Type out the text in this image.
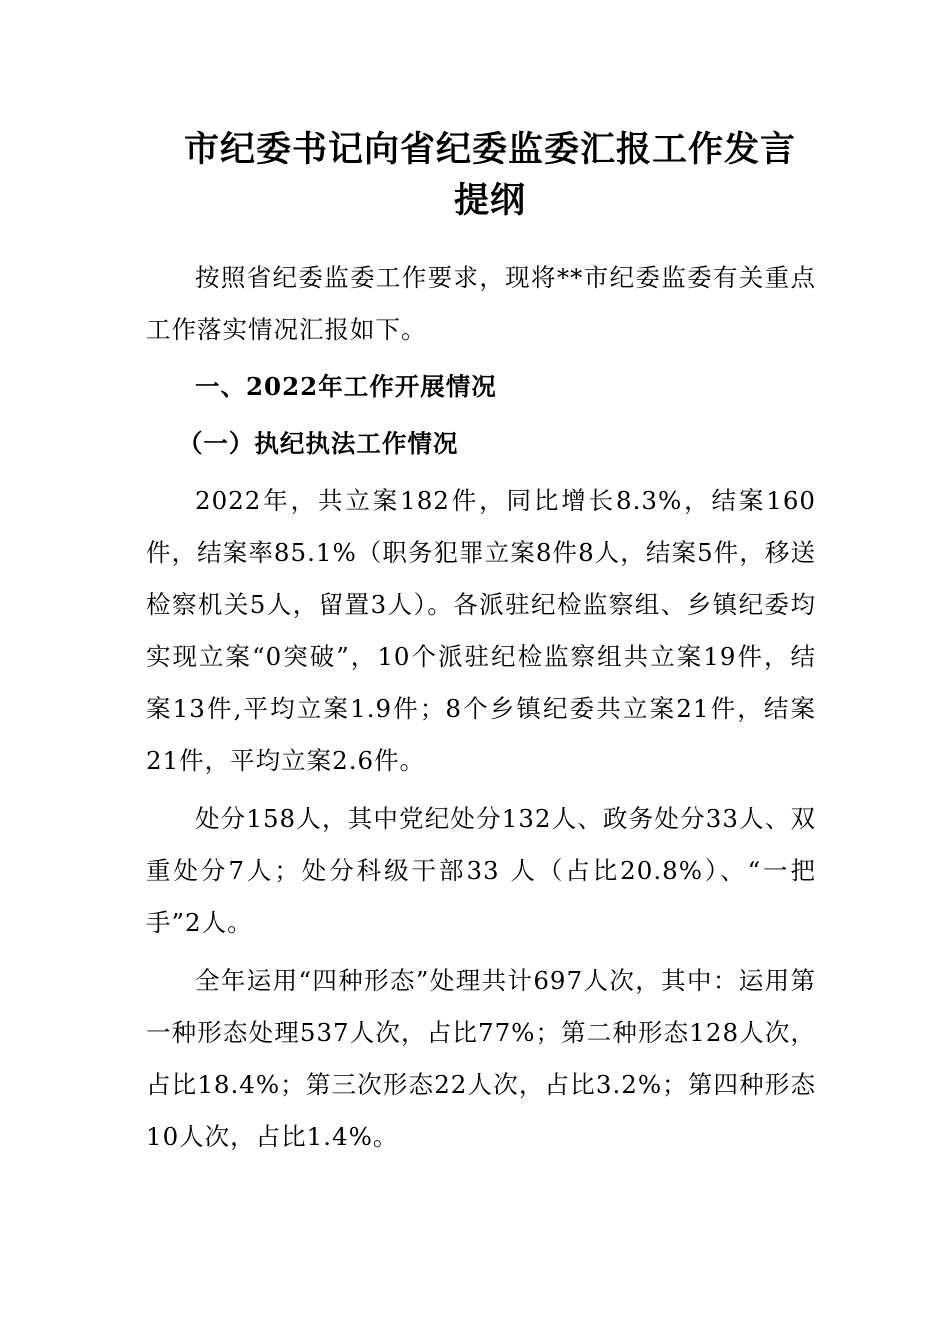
市纪委书记向省纪委监委汇报工作发言
提纲

按照省纪委监委工作要求，现将**市纪委监委有关重点工作落实情况汇报如下。

一、2022年工作开展情况

（一）执纪执法工作情况

2022年，共立案182件，同比增长8.3%，结案160件，结案率85.1%（职务犯罪立案8件8人，结案5件，移送检察机关5人，留置3人）。各派驻纪检监察组、乡镇纪委均实现立案“0突破”，10个派驻纪检监察组共立案19件，结案13件,平均立案1.9件；8个乡镇纪委共立案21件，结案21件，平均立案2.6件。

处分158人，其中党纪处分132人、政务处分33人、双重处分7人；处分科级干部33 人（占比20.8%）、“一把手”2人。

全年运用“四种形态”处理共计697人次，其中：运用第一种形态处理537人次，占比77%；第二种形态128人次，占比18.4%；第三次形态22人次，占比3.2%；第四种形态10人次，占比1.4%。
